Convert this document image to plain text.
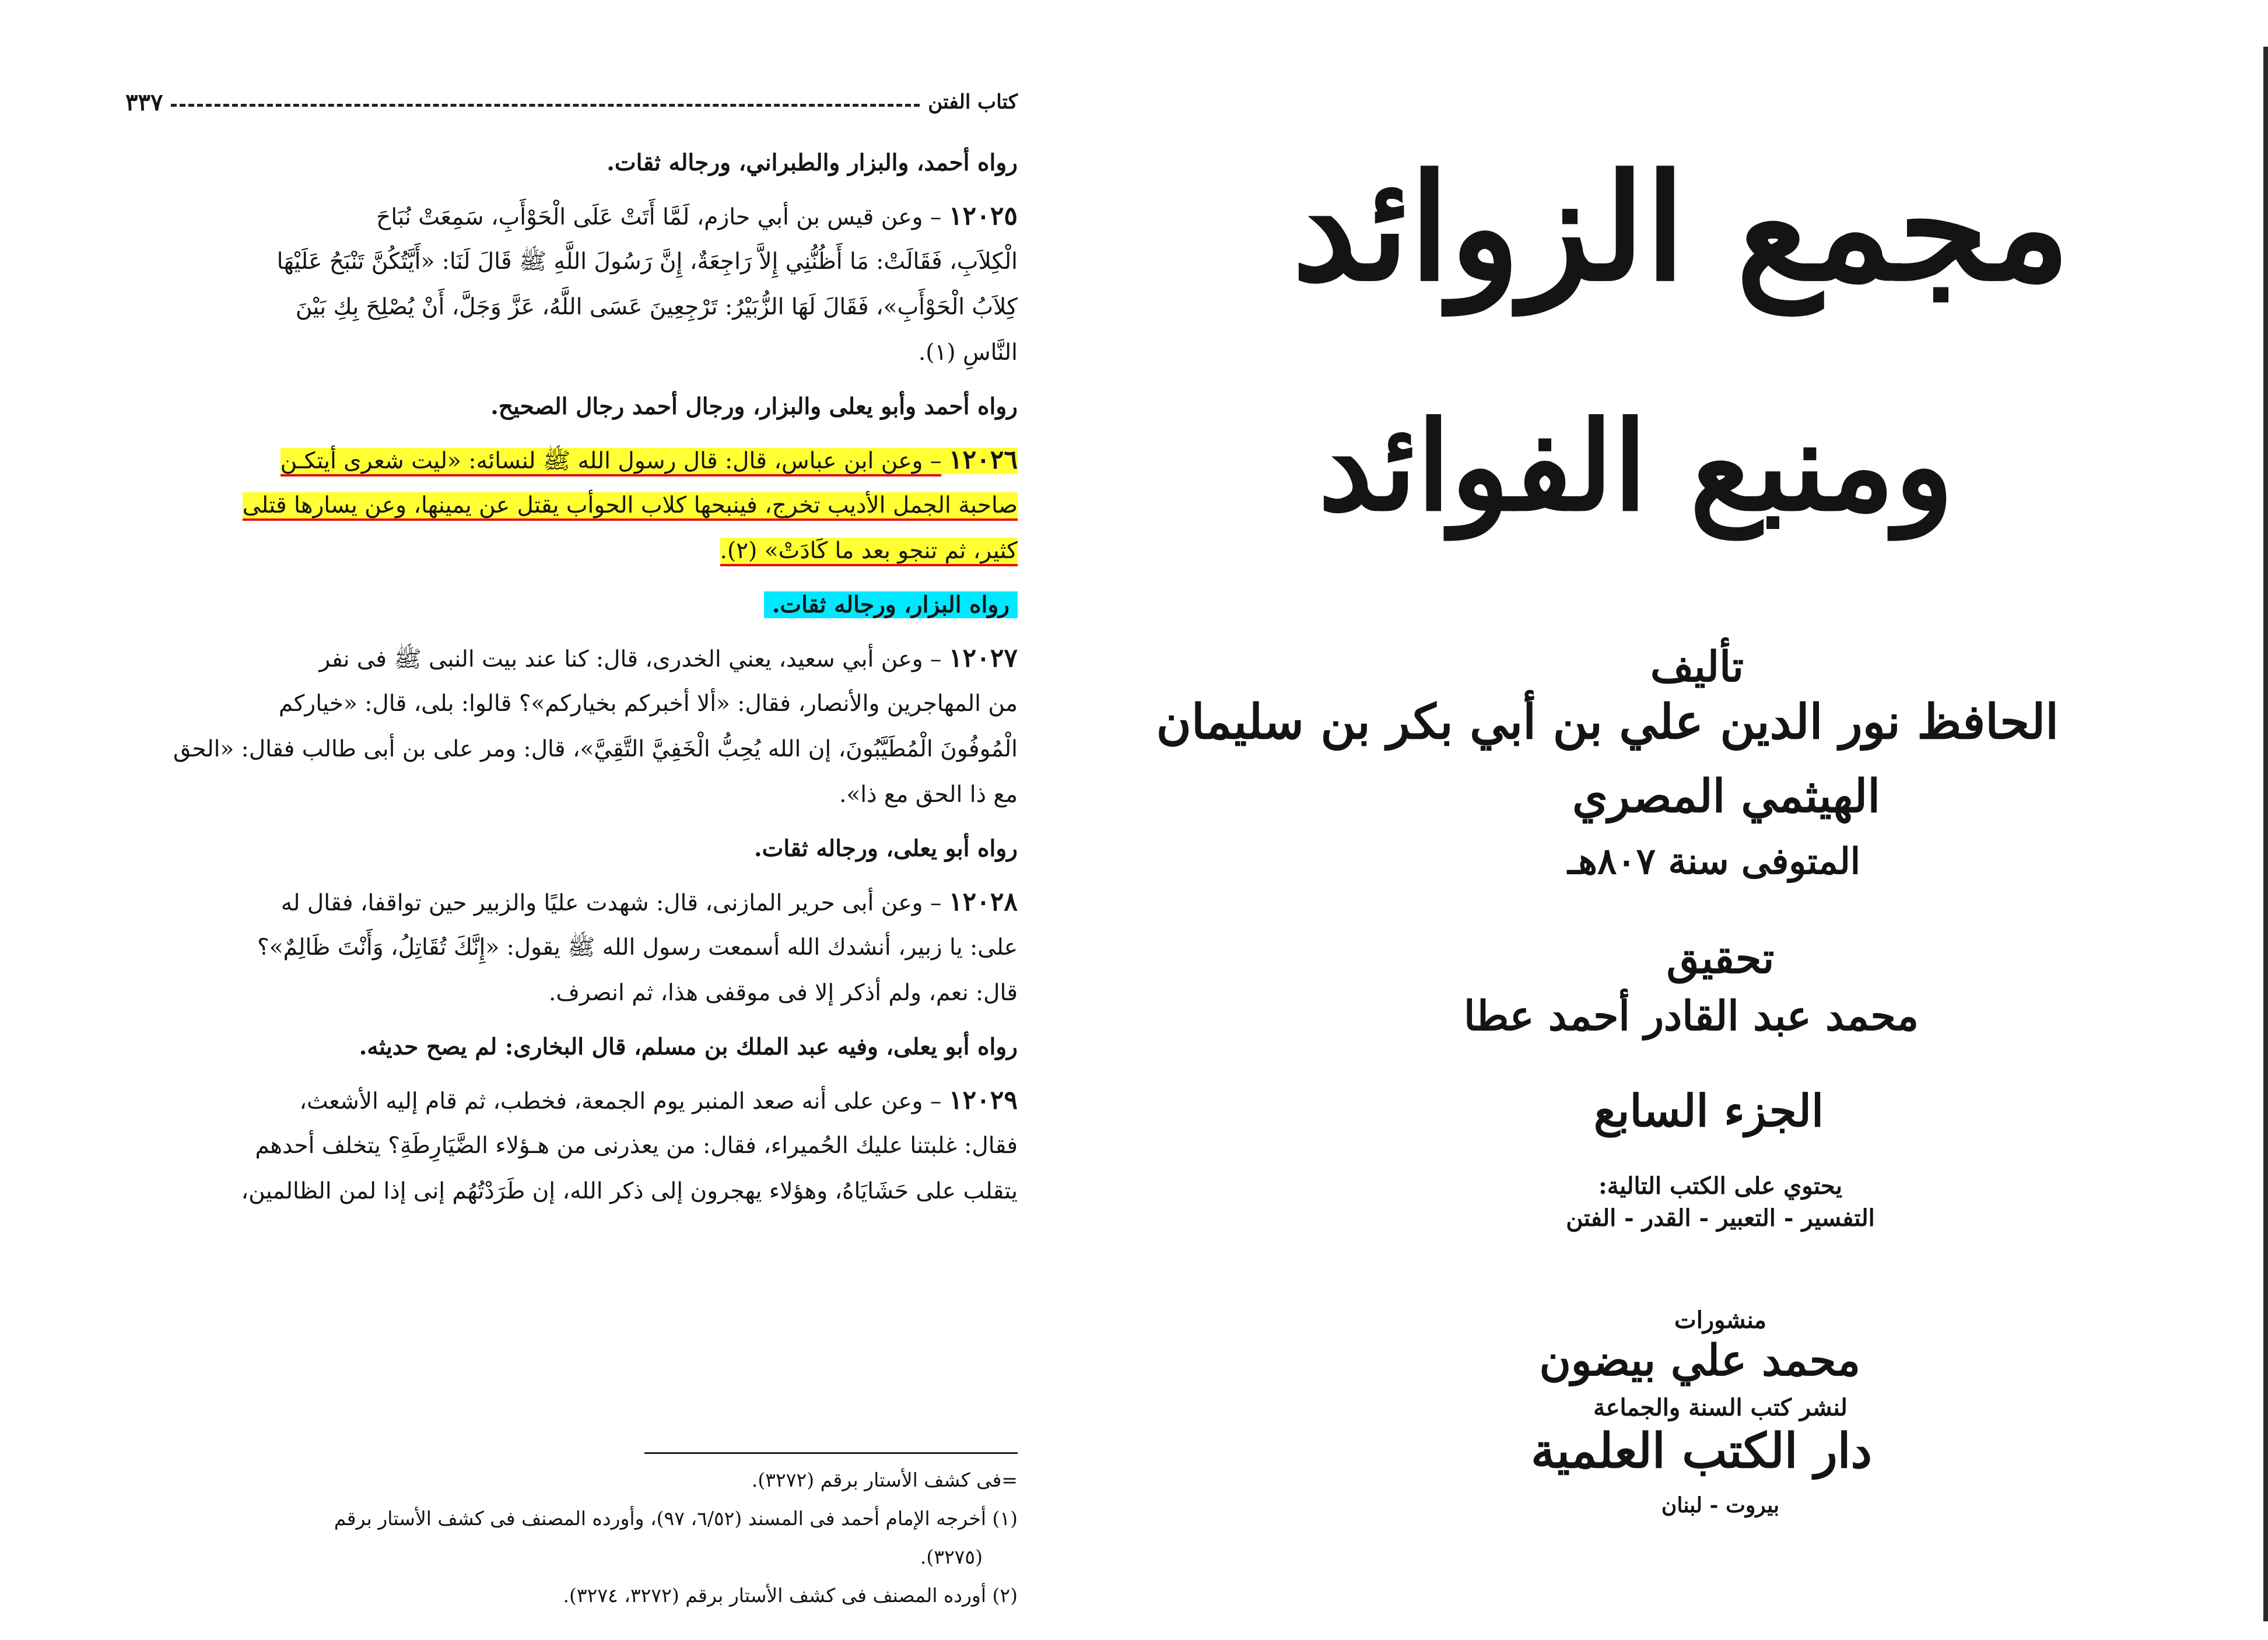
كتاب الفتن
٣٣٧
رواه أحمد، والبزار والطبراني، ورجاله ثقات.
١٢٠٢٥ – وعن قيس بن أبي حازم، لَمَّا أَتَتْ عَلَى الْحَوْأَبِ، سَمِعَتْ نُبَاحَ
الْكِلاَبِ، فَقَالَتْ: مَا أَظُنُّنِي إِلاَّ رَاجِعَةٌ، إِنَّ رَسُولَ اللَّهِ ﷺ قَالَ لَنَا: «أَيَّتُكُنَّ تَنْبَحُ عَلَيْهَا
كِلاَبُ الْحَوْأَبِ»، فَقَالَ لَهَا الزُّبَيْرُ: تَرْجِعِينَ عَسَى اللَّهُ، عَزَّ وَجَلَّ، أَنْ يُصْلِحَ بِكِ بَيْنَ
النَّاسِ (١).
رواه أحمد وأبو يعلى والبزار، ورجال أحمد رجال الصحيح.
١٢٠٢٦ – وعن ابن عباس، قال: قال رسول الله ﷺ لنسائه: «ليت شعرى أيتكـن
صاحبة الجمل الأديب تخرج، فينبحها كلاب الحوأب يقتل عن يمينها، وعن يسارها قتلى
كثير، ثم تنجو بعد ما كَادَتْ» (٢).
رواه البزار، ورجاله ثقات.
١٢٠٢٧ – وعن أبي سعيد، يعني الخدرى، قال: كنا عند بيت النبى ﷺ فى نفر
من المهاجرين والأنصار، فقال: «ألا أخبركم بخياركم»؟ قالوا: بلى، قال: «خياركم
الْمُوفُونَ الْمُطَيَّبُونَ، إن الله يُحِبُّ الْخَفِيَّ التَّقِيَّ»، قال: ومر على بن أبى طالب فقال: «الحق
مع ذا الحق مع ذا».
رواه أبو يعلى، ورجاله ثقات.
١٢٠٢٨ – وعن أبى حرير المازنى، قال: شهدت عليًا والزبير حين تواقفا، فقال له
على: يا زبير، أنشدك الله أسمعت رسول الله ﷺ يقول: «إِنَّكَ تُقَاتِلُ، وَأَنْتَ ظَالِمٌ»؟
قال: نعم، ولم أذكر إلا فى موقفى هذا، ثم انصرف.
رواه أبو يعلى، وفيه عبد الملك بن مسلم، قال البخارى: لم يصح حديثه.
١٢٠٢٩ – وعن على أنه صعد المنبر يوم الجمعة، فخطب، ثم قام إليه الأشعث،
فقال: غلبتنا عليك الحُميراء، فقال: من يعذرنى من هـؤلاء الضَّيَارِطَةِ؟ يتخلف أحدهم
يتقلب على حَشَايَاهُ، وهؤلاء يهجرون إلى ذكر الله، إن طَرَدْتُهُم إنى إذا لمن الظالمين،
=فى كشف الأستار برقم (٣٢٧٢).
(١) أخرجه الإمام أحمد فى المسند (٦/٥٢، ٩٧)، وأورده المصنف فى كشف الأستار برقم
(٣٢٧٥).
(٢) أورده المصنف فى كشف الأستار برقم (٣٢٧٢، ٣٢٧٤).
مجمع الزوائد
ومنبع الفوائد
تأليف
الحافظ نور الدين علي بن أبي بكر بن سليمان
الهيثمي المصري
المتوفى سنة ٨٠٧هـ
تحقيق
محمد عبد القادر أحمد عطا
الجزء السابع
يحتوي على الكتب التالية:
التفسير - التعبير - القدر - الفتن
منشورات
محمد علي بيضون
لنشر كتب السنة والجماعة
دار الكتب العلمية
بيروت - لبنان
